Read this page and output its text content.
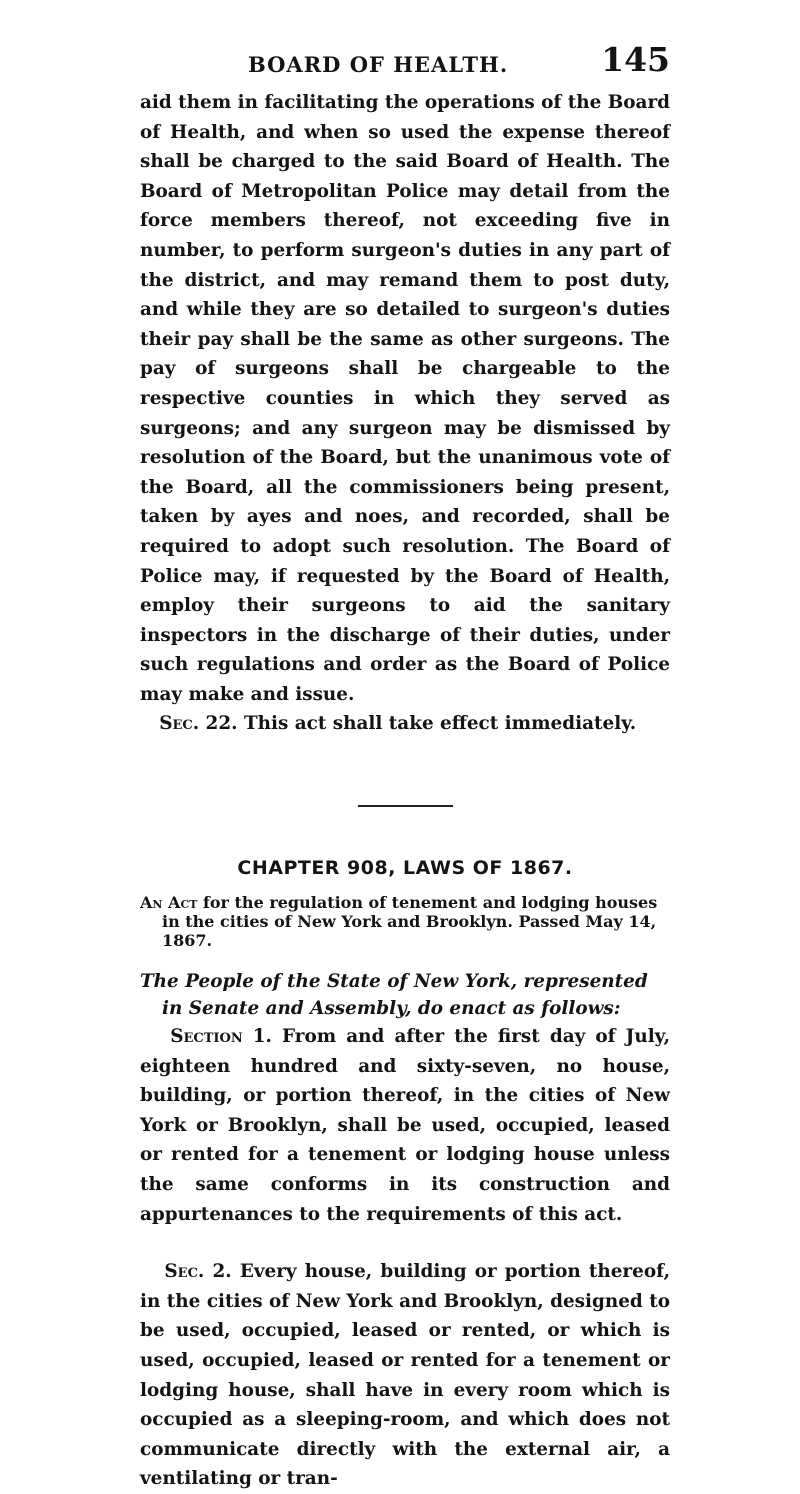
BOARD OF HEALTH.	145

aid them in facilitating the operations of the Board of Health, and when so used the expense thereof shall be charged to the said Board of Health. The Board of Metropolitan Police may detail from the force members thereof, not exceeding five in number, to perform surgeon's duties in any part of the district, and may remand them to post duty, and while they are so detailed to surgeon's duties their pay shall be the same as other surgeons. The pay of surgeons shall be chargeable to the respective counties in which they served as surgeons; and any surgeon may be dismissed by resolution of the Board, but the unanimous vote of the Board, all the commissioners being present, taken by ayes and noes, and recorded, shall be required to adopt such resolution. The Board of Police may, if requested by the Board of Health, employ their surgeons to aid the sanitary inspectors in the discharge of their duties, under such regulations and order as the Board of Police may make and issue.

Sec. 22. This act shall take effect immediately.

CHAPTER 908, LAWS OF 1867.

An Act for the regulation of tenement and lodging houses in the cities of New York and Brooklyn. Passed May 14, 1867.

The People of the State of New York, represented in Senate and Assembly, do enact as follows:

Section 1. From and after the first day of July, eighteen hundred and sixty-seven, no house, building, or portion thereof, in the cities of New York or Brooklyn, shall be used, occupied, leased or rented for a tenement or lodging house unless the same conforms in its construction and appurtenances to the requirements of this act.

Sec. 2. Every house, building or portion thereof, in the cities of New York and Brooklyn, designed to be used, occupied, leased or rented, or which is used, occupied, leased or rented for a tenement or lodging house, shall have in every room which is occupied as a sleeping-room, and which does not communicate directly with the external air, a ventilating or tran-
